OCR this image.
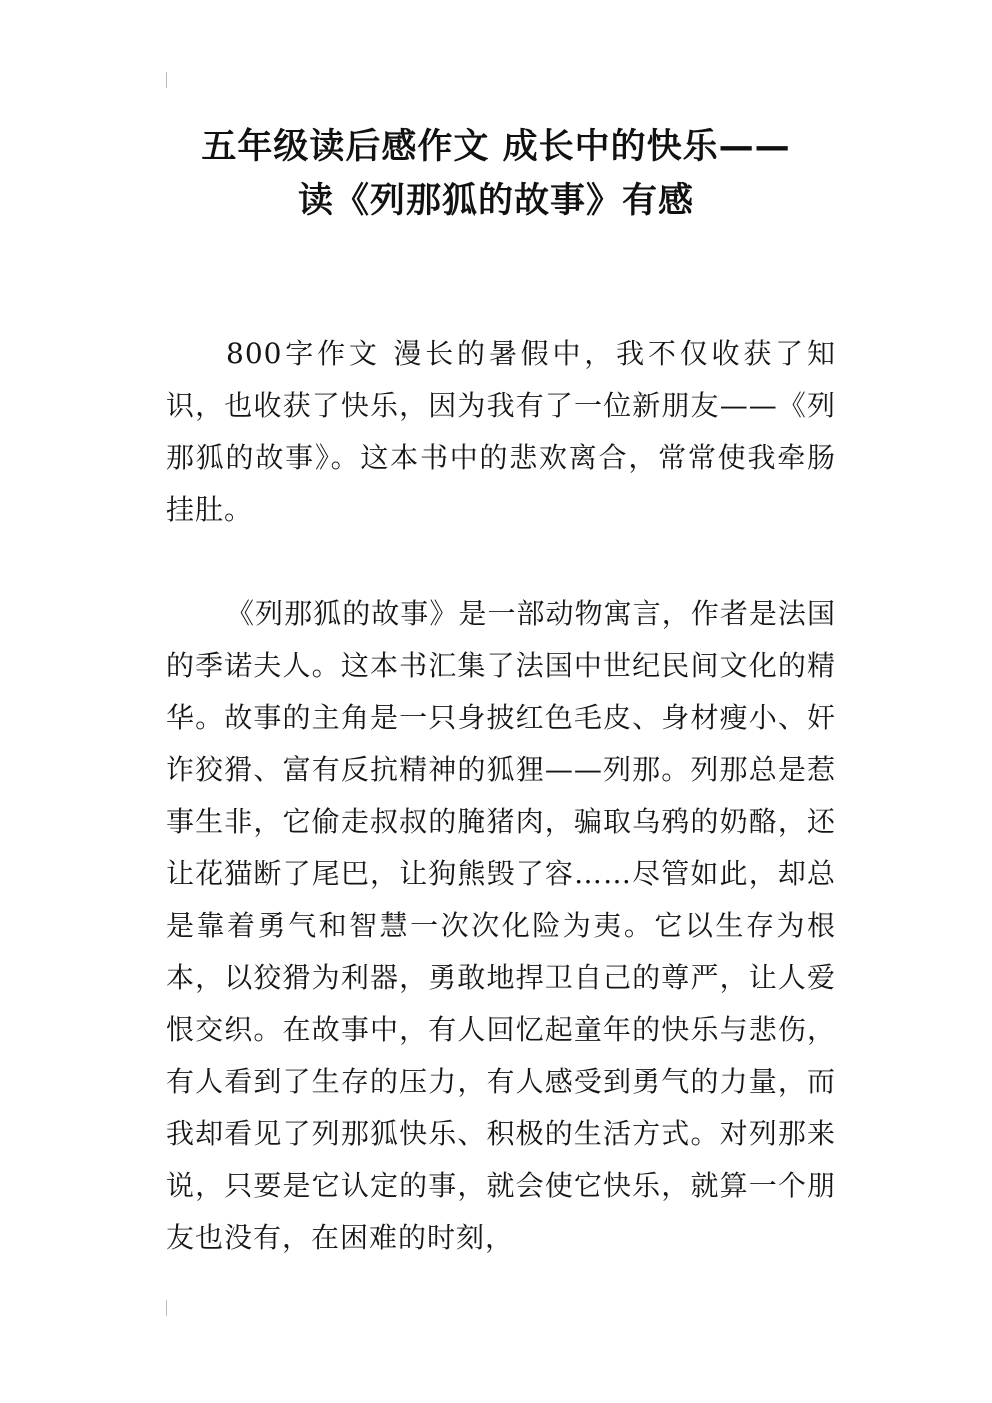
五年级读后感作文 成长中的快乐——
读《列那狐的故事》有感

800字作文 漫长的暑假中，我不仅收获了知识，也收获了快乐，因为我有了一位新朋友——《列那狐的故事》。这本书中的悲欢离合，常常使我牵肠挂肚。

《列那狐的故事》是一部动物寓言，作者是法国的季诺夫人。这本书汇集了法国中世纪民间文化的精华。故事的主角是一只身披红色毛皮、身材瘦小、奸诈狡猾、富有反抗精神的狐狸——列那。列那总是惹事生非，它偷走叔叔的腌猪肉，骗取乌鸦的奶酪，还让花猫断了尾巴，让狗熊毁了容……尽管如此，却总是靠着勇气和智慧一次次化险为夷。它以生存为根本，以狡猾为利器，勇敢地捍卫自己的尊严，让人爱恨交织。在故事中，有人回忆起童年的快乐与悲伤，有人看到了生存的压力，有人感受到勇气的力量，而我却看见了列那狐快乐、积极的生活方式。对列那来说，只要是它认定的事，就会使它快乐，就算一个朋友也没有，在困难的时刻，
